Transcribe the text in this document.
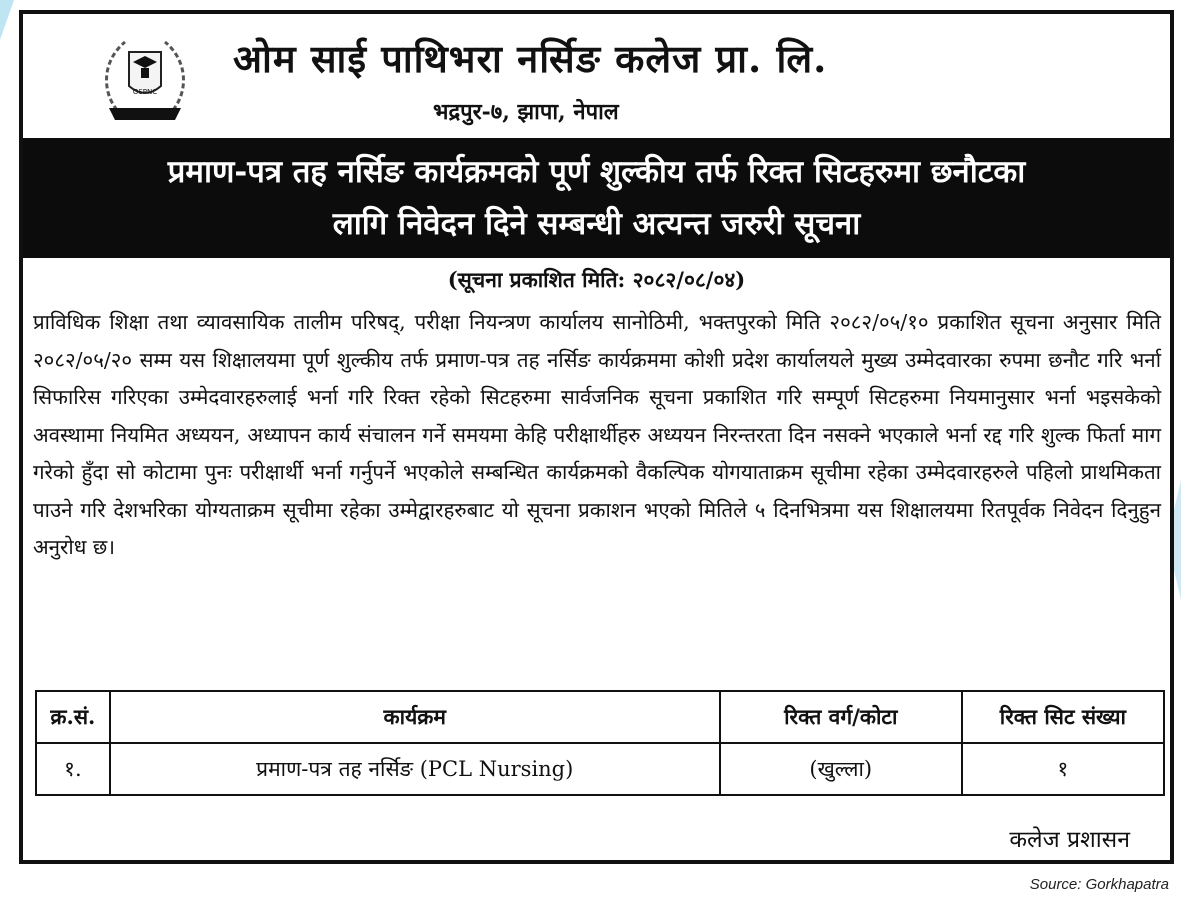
OSPNC
ओम साई पाथिभरा नर्सिङ कलेज प्रा. लि.
भद्रपुर-७, झापा, नेपाल
प्रमाण-पत्र तह नर्सिङ कार्यक्रमको पूर्ण शुल्कीय तर्फ रिक्त सिटहरुमा छनौटका
लागि निवेदन दिने सम्बन्धी अत्यन्त जरुरी सूचना
(सूचना प्रकाशित मिति: २०८२/०८/०४)
प्राविधिक शिक्षा तथा व्यावसायिक तालीम परिषद्, परीक्षा नियन्त्रण कार्यालय सानोठिमी, भक्तपुरको मिति २०८२/०५/१० प्रकाशित सूचना अनुसार मिति २०८२/०५/२० सम्म यस शिक्षालयमा पूर्ण शुल्कीय तर्फ प्रमाण-पत्र तह नर्सिङ कार्यक्रममा कोशी प्रदेश कार्यालयले मुख्य उम्मेदवारका रुपमा छनौट गरि भर्ना सिफारिस गरिएका उम्मेदवारहरुलाई भर्ना गरि रिक्त रहेको सिटहरुमा सार्वजनिक सूचना प्रकाशित गरि सम्पूर्ण सिटहरुमा नियमानुसार भर्ना भइसकेको अवस्थामा नियमित अध्ययन, अध्यापन कार्य संचालन गर्ने समयमा केहि परीक्षार्थीहरु अध्ययन निरन्तरता दिन नसक्ने भएकाले भर्ना रद्द गरि शुल्क फिर्ता माग गरेको हुँदा सो कोटामा पुनः परीक्षार्थी भर्ना गर्नुपर्ने भएकोले सम्बन्धित कार्यक्रमको वैकल्पिक योगयाताक्रम सूचीमा रहेका उम्मेदवारहरुले पहिलो प्राथमिकता पाउने गरि देशभरिका योग्यताक्रम सूचीमा रहेका उम्मेद्वारहरुबाट यो सूचना प्रकाशन भएको मितिले ५ दिनभित्रमा यस शिक्षालयमा रितपूर्वक निवेदन दिनुहुन अनुरोध छ।
क्र.सं.	कार्यक्रम	रिक्त वर्ग/कोटा	रिक्त सिट संख्या
१.	प्रमाण-पत्र तह नर्सिङ (PCL Nursing)	(खुल्ला)	१
कलेज प्रशासन
Source: Gorkhapatra
